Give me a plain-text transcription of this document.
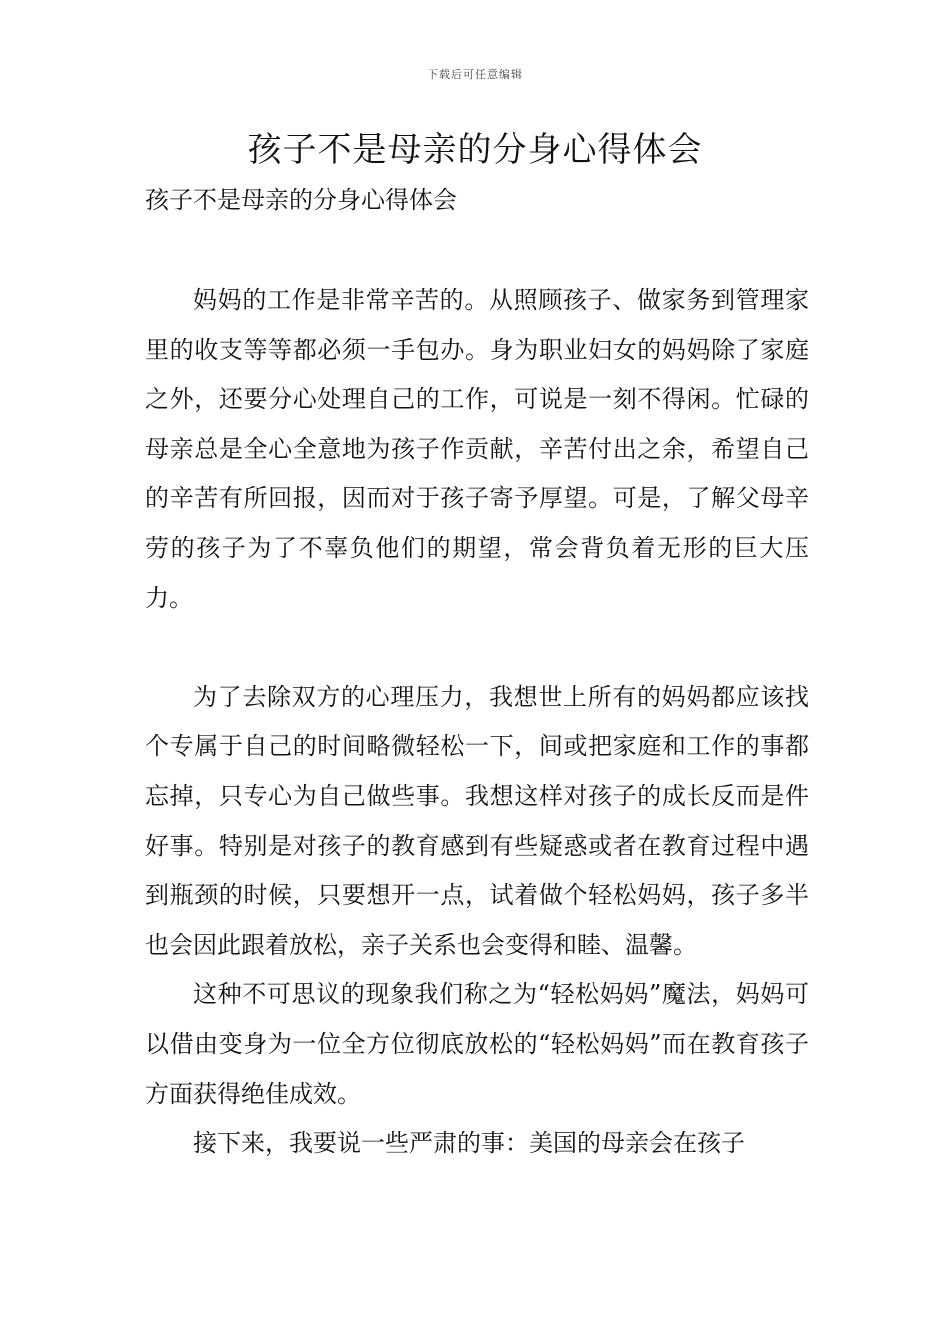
下载后可任意编辑
孩子不是母亲的分身心得体会
孩子不是母亲的分身心得体会

妈妈的工作是非常辛苦的。从照顾孩子、做家务到管理家里的收支等等都必须一手包办。身为职业妇女的妈妈除了家庭之外，还要分心处理自己的工作，可说是一刻不得闲。忙碌的母亲总是全心全意地为孩子作贡献，辛苦付出之余，希望自己的辛苦有所回报，因而对于孩子寄予厚望。可是，了解父母辛劳的孩子为了不辜负他们的期望，常会背负着无形的巨大压力。

为了去除双方的心理压力，我想世上所有的妈妈都应该找个专属于自己的时间略微轻松一下，间或把家庭和工作的事都忘掉，只专心为自己做些事。我想这样对孩子的成长反而是件好事。特别是对孩子的教育感到有些疑惑或者在教育过程中遇到瓶颈的时候，只要想开一点，试着做个轻松妈妈，孩子多半也会因此跟着放松，亲子关系也会变得和睦、温馨。

这种不可思议的现象我们称之为“轻松妈妈”魔法，妈妈可以借由变身为一位全方位彻底放松的“轻松妈妈”而在教育孩子方面获得绝佳成效。

接下来，我要说一些严肃的事：美国的母亲会在孩子
